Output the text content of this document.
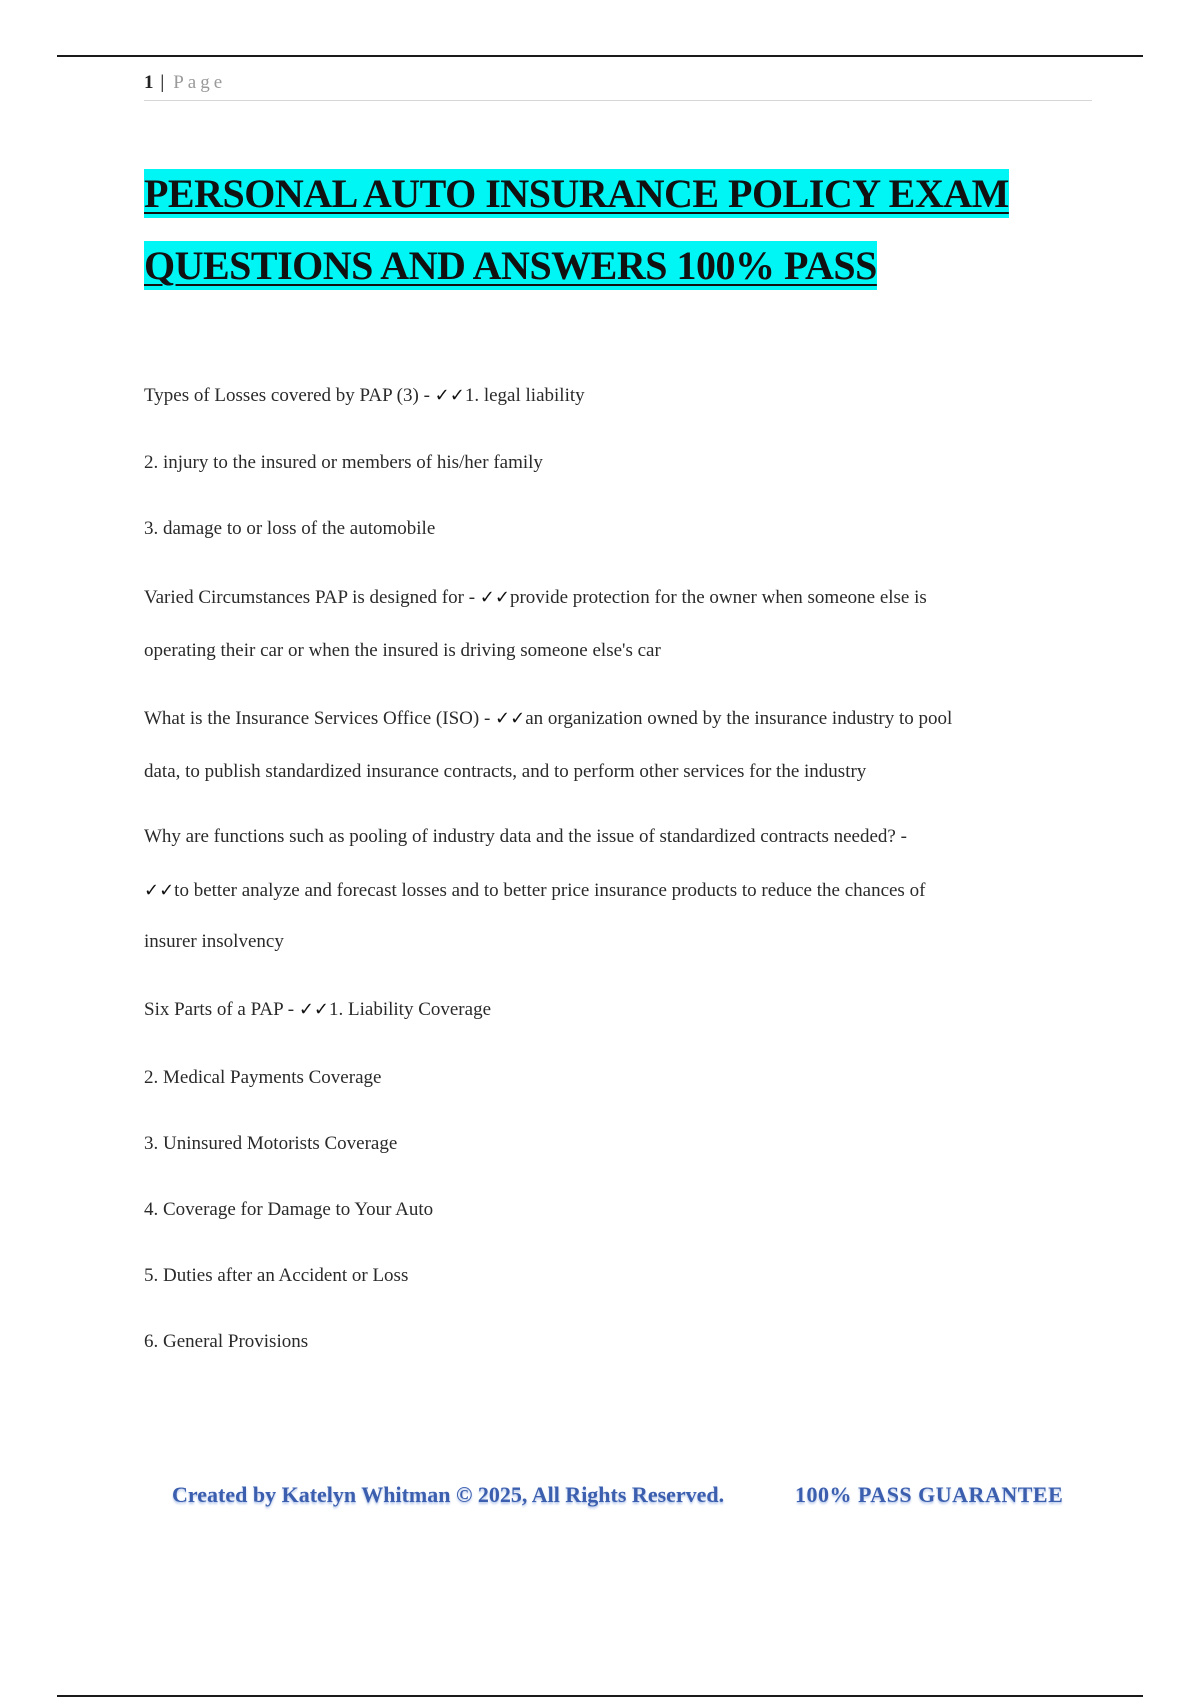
1 | Page
PERSONAL AUTO INSURANCE POLICY EXAM
QUESTIONS AND ANSWERS 100% PASS

Types of Losses covered by PAP (3) - ✓✓1. legal liability

2. injury to the insured or members of his/her family

3. damage to or loss of the automobile

Varied Circumstances PAP is designed for - ✓✓provide protection for the owner when someone else is

operating their car or when the insured is driving someone else's car

What is the Insurance Services Office (ISO) - ✓✓an organization owned by the insurance industry to pool

data, to publish standardized insurance contracts, and to perform other services for the industry

Why are functions such as pooling of industry data and the issue of standardized contracts needed? -

✓✓to better analyze and forecast losses and to better price insurance products to reduce the chances of

insurer insolvency

Six Parts of a PAP - ✓✓1. Liability Coverage

2. Medical Payments Coverage

3. Uninsured Motorists Coverage

4. Coverage for Damage to Your Auto

5. Duties after an Accident or Loss

6. General Provisions

Created by Katelyn Whitman © 2025, All Rights Reserved.	100% PASS GUARANTEE
